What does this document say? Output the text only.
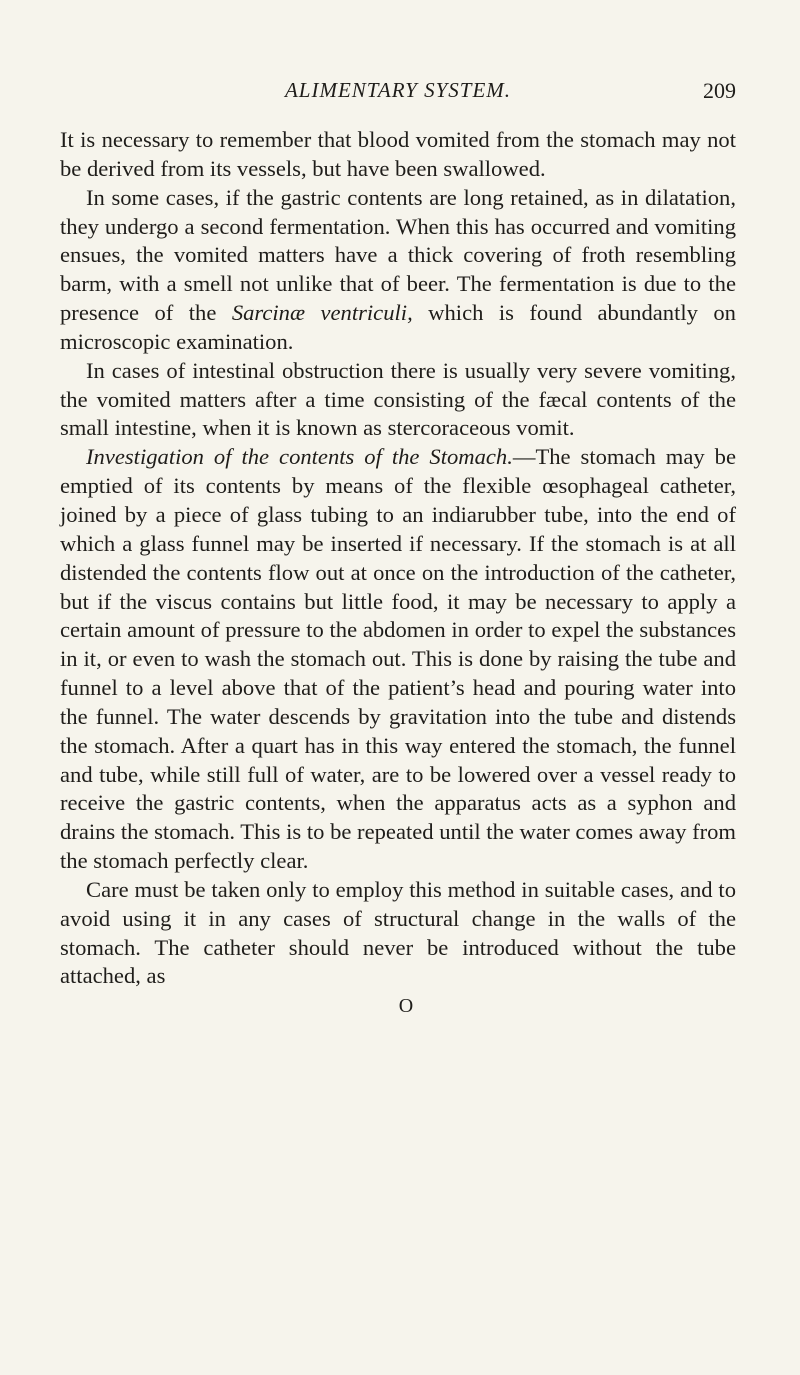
ALIMENTARY SYSTEM.	209

It is necessary to remember that blood vomited from the stomach may not be derived from its vessels, but have been swallowed.

In some cases, if the gastric contents are long retained, as in dilatation, they undergo a second fermentation. When this has occurred and vomiting ensues, the vomited matters have a thick covering of froth resembling barm, with a smell not unlike that of beer. The fermentation is due to the presence of the Sarcinæ ventriculi, which is found abundantly on microscopic examination.

In cases of intestinal obstruction there is usually very severe vomiting, the vomited matters after a time consisting of the fæcal contents of the small intestine, when it is known as stercoraceous vomit.

Investigation of the contents of the Stomach.—The stomach may be emptied of its contents by means of the flexible œsophageal catheter, joined by a piece of glass tubing to an indiarubber tube, into the end of which a glass funnel may be inserted if necessary. If the stomach is at all distended the contents flow out at once on the introduction of the catheter, but if the viscus contains but little food, it may be necessary to apply a certain amount of pressure to the abdomen in order to expel the substances in it, or even to wash the stomach out. This is done by raising the tube and funnel to a level above that of the patient’s head and pouring water into the funnel. The water descends by gravitation into the tube and distends the stomach. After a quart has in this way entered the stomach, the funnel and tube, while still full of water, are to be lowered over a vessel ready to receive the gastric contents, when the apparatus acts as a syphon and drains the stomach. This is to be repeated until the water comes away from the stomach perfectly clear.

Care must be taken only to employ this method in suitable cases, and to avoid using it in any cases of structural change in the walls of the stomach. The catheter should never be introduced without the tube attached, as

O
